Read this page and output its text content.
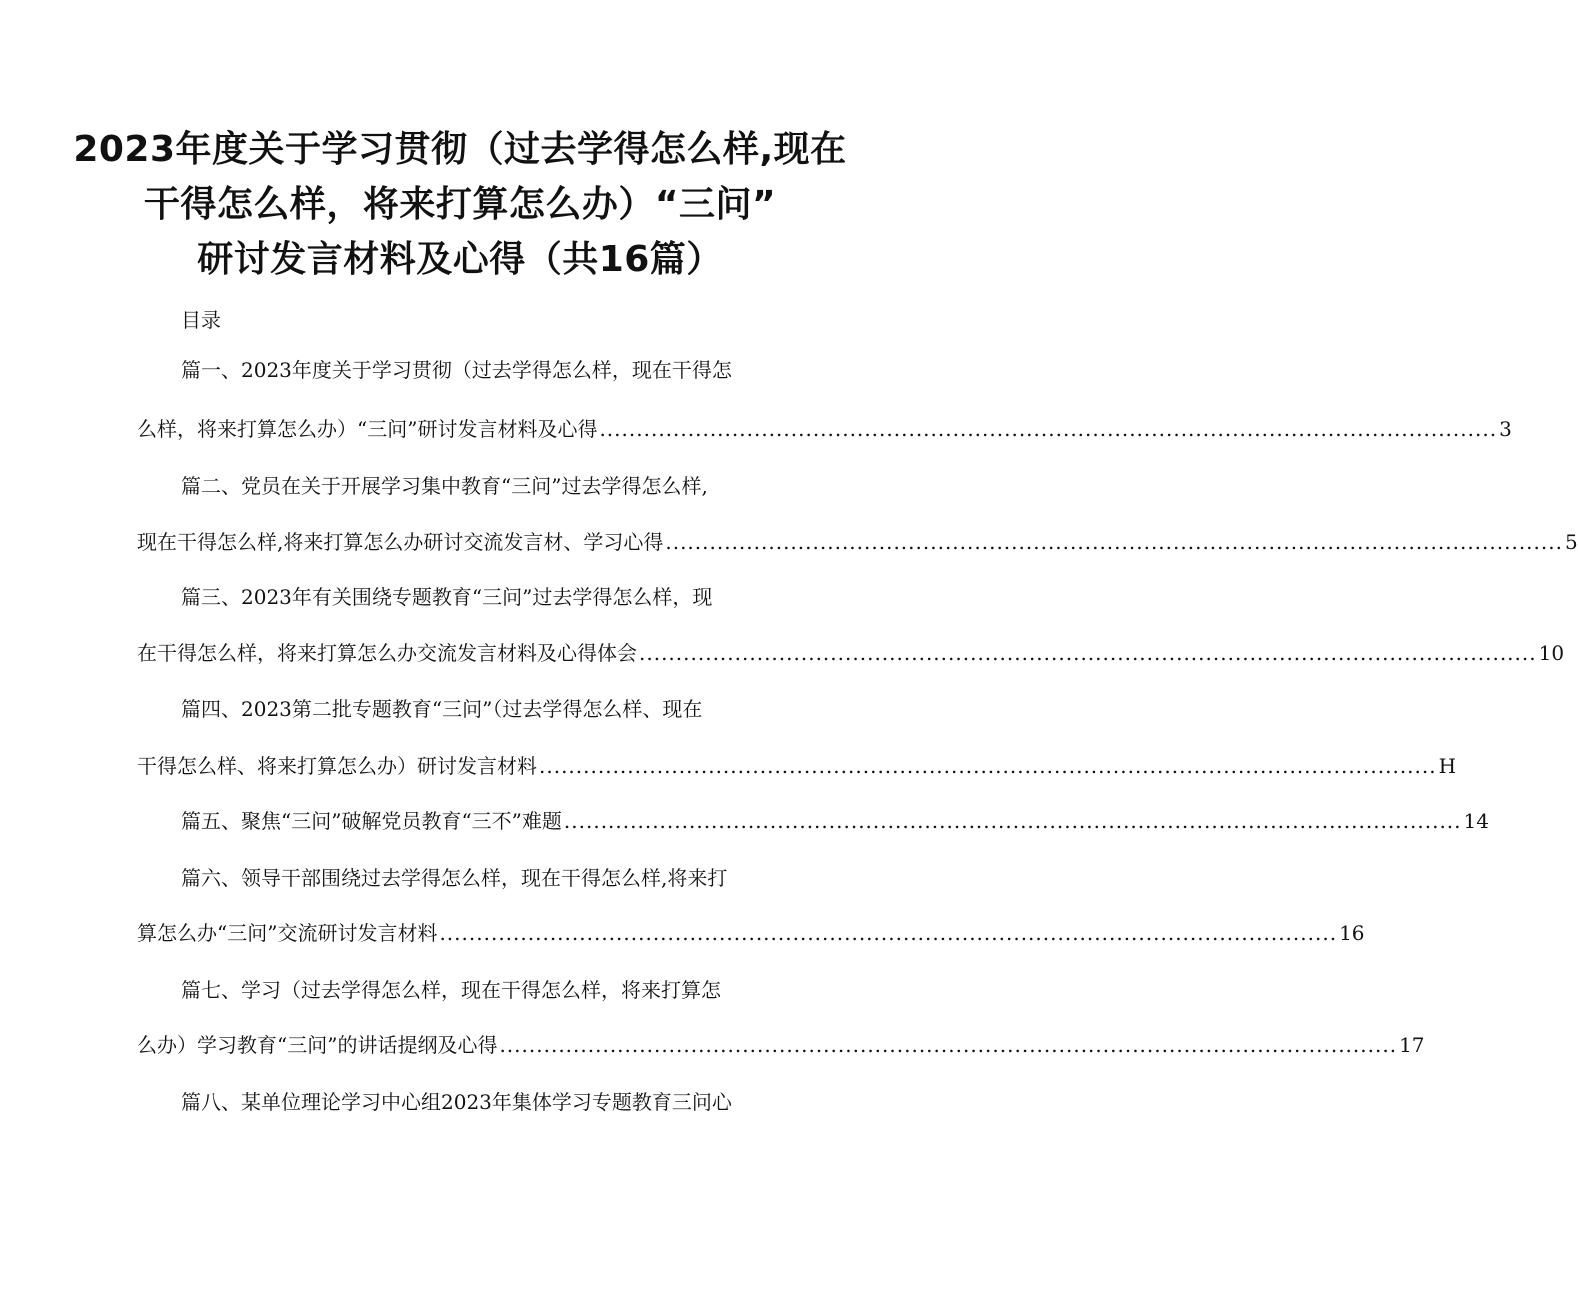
2023年度关于学习贯彻（过去学得怎么样,现在
干得怎么样，将来打算怎么办）“三问”
研讨发言材料及心得（共16篇）
目录
篇一、2023年度关于学习贯彻（过去学得怎么样，现在干得怎
么样，将来打算怎么办）“三问”研讨发言材料及心得 .......................................................................................................................... 3
篇二、党员在关于开展学习集中教育“三问”过去学得怎么样,
现在干得怎么样,将来打算怎么办研讨交流发言材、学习心得 .......................................................................................................................... 5
篇三、2023年有关围绕专题教育“三问”过去学得怎么样，现
在干得怎么样，将来打算怎么办交流发言材料及心得体会 .......................................................................................................................... 10
篇四、2023第二批专题教育“三问”（过去学得怎么样、现在
干得怎么样、将来打算怎么办）研讨发言材料 .......................................................................................................................... H
篇五、聚焦“三问”破解党员教育“三不”难题 .......................................................................................................................... 14
篇六、领导干部围绕过去学得怎么样，现在干得怎么样,将来打
算怎么办“三问”交流研讨发言材料 .......................................................................................................................... 16
篇七、学习（过去学得怎么样，现在干得怎么样，将来打算怎
么办）学习教育“三问”的讲话提纲及心得 .......................................................................................................................... 17
篇八、某单位理论学习中心组2023年集体学习专题教育三问心
